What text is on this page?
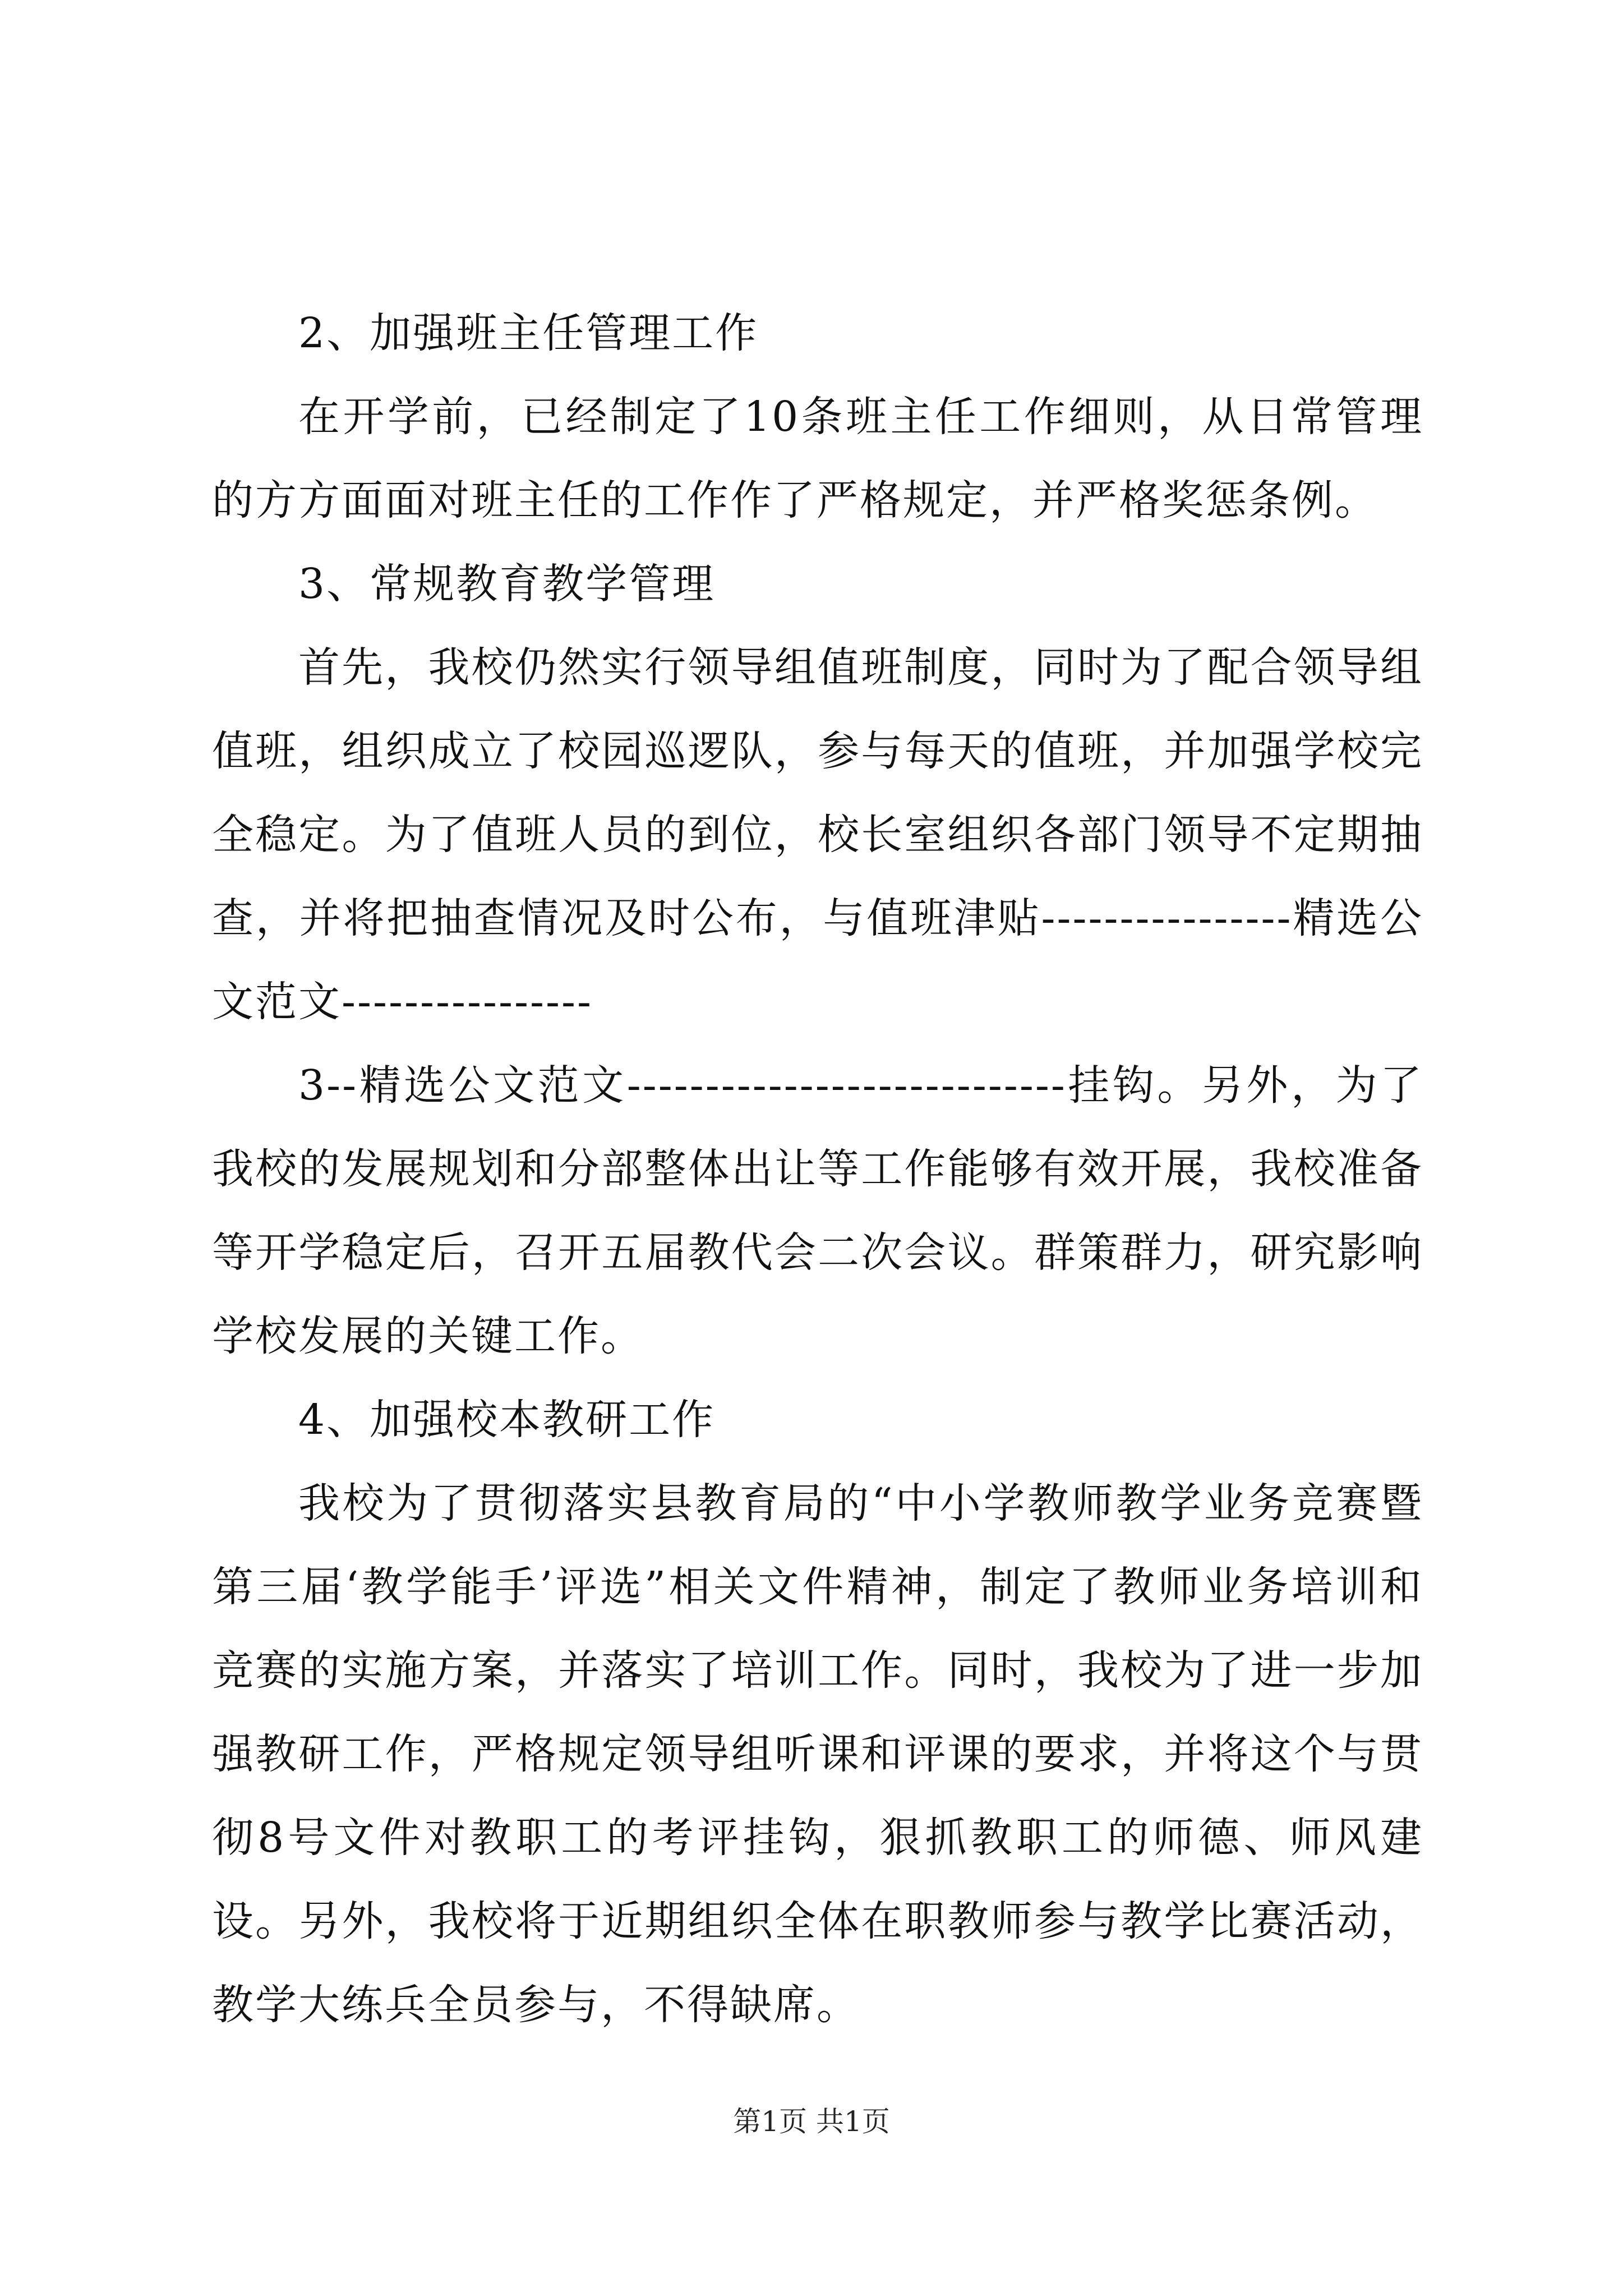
2、加强班主任管理工作

在开学前，已经制定了10条班主任工作细则，从日常管理的方方面面对班主任的工作作了严格规定，并严格奖惩条例。

3、常规教育教学管理

首先，我校仍然实行领导组值班制度，同时为了配合领导组值班，组织成立了校园巡逻队，参与每天的值班，并加强学校完全稳定。为了值班人员的到位，校长室组织各部门领导不定期抽查，并将把抽查情况及时公布，与值班津贴----------------精选公文范文----------------

3--精选公文范文----------------------------挂钩。另外，为了我校的发展规划和分部整体出让等工作能够有效开展，我校准备等开学稳定后，召开五届教代会二次会议。群策群力，研究影响学校发展的关键工作。

4、加强校本教研工作

我校为了贯彻落实县教育局的“中小学教师教学业务竞赛暨第三届‘教学能手’评选”相关文件精神，制定了教师业务培训和竞赛的实施方案，并落实了培训工作。同时，我校为了进一步加强教研工作，严格规定领导组听课和评课的要求，并将这个与贯彻8号文件对教职工的考评挂钩，狠抓教职工的师德、师风建设。另外，我校将于近期组织全体在职教师参与教学比赛活动，教学大练兵全员参与，不得缺席。

第1页 共1页
